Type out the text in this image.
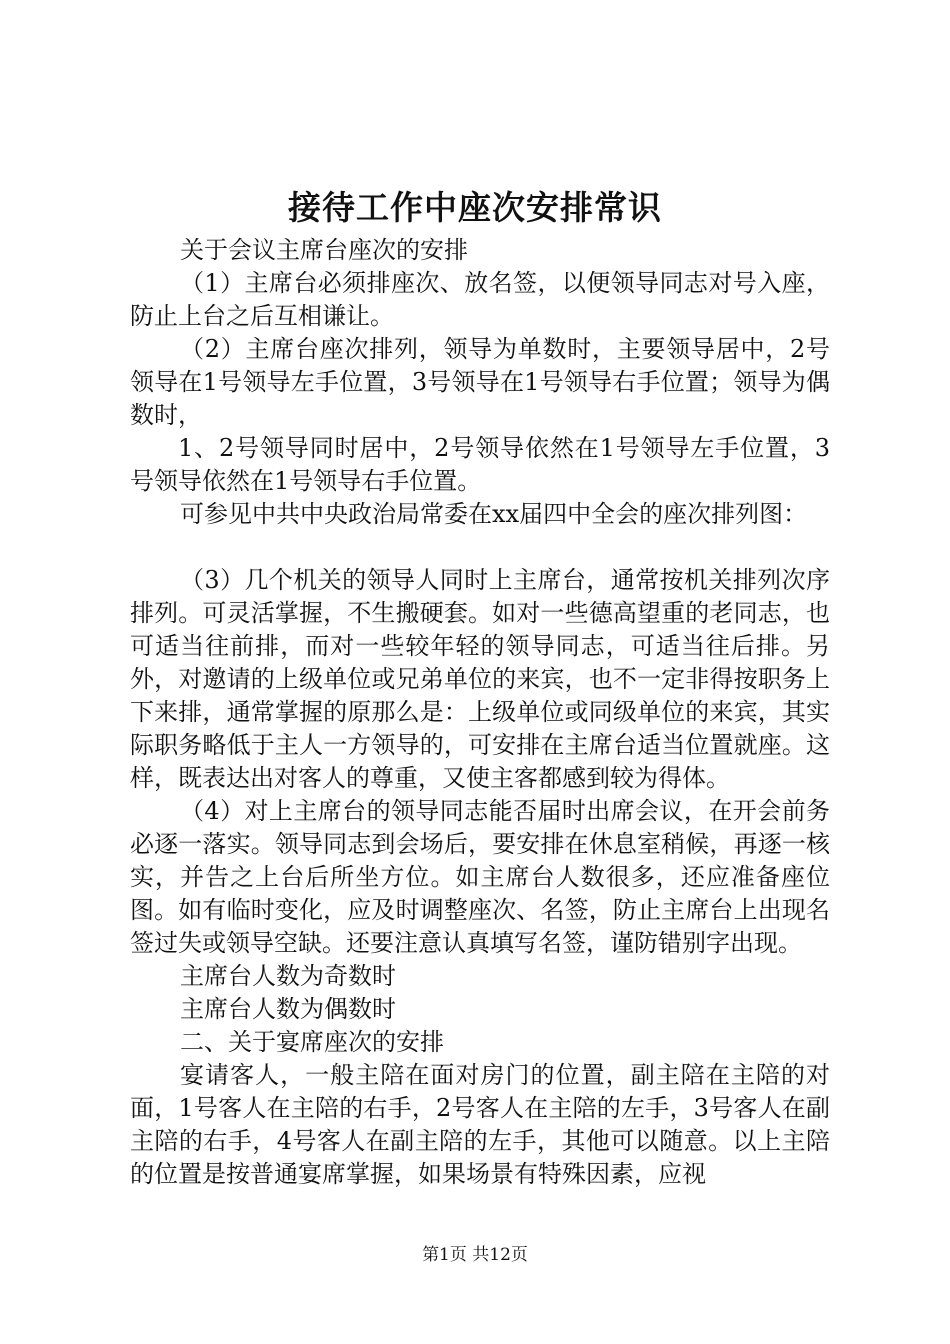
接待工作中座次安排常识

关于会议主席台座次的安排

（1）主席台必须排座次、放名签，以便领导同志对号入座，防止上台之后互相谦让。

（2）主席台座次排列，领导为单数时，主要领导居中，2号领导在1号领导左手位置，3号领导在1号领导右手位置；领导为偶数时，

1、2号领导同时居中，2号领导依然在1号领导左手位置，3号领导依然在1号领导右手位置。

可参见中共中央政治局常委在xx届四中全会的座次排列图：

（3）几个机关的领导人同时上主席台，通常按机关排列次序排列。可灵活掌握，不生搬硬套。如对一些德高望重的老同志，也可适当往前排，而对一些较年轻的领导同志，可适当往后排。另外，对邀请的上级单位或兄弟单位的来宾，也不一定非得按职务上下来排，通常掌握的原那么是：上级单位或同级单位的来宾，其实际职务略低于主人一方领导的，可安排在主席台适当位置就座。这样，既表达出对客人的尊重，又使主客都感到较为得体。

（4）对上主席台的领导同志能否届时出席会议，在开会前务必逐一落实。领导同志到会场后，要安排在休息室稍候，再逐一核实，并告之上台后所坐方位。如主席台人数很多，还应准备座位图。如有临时变化，应及时调整座次、名签，防止主席台上出现名签过失或领导空缺。还要注意认真填写名签，谨防错别字出现。

主席台人数为奇数时

主席台人数为偶数时

二、关于宴席座次的安排

宴请客人，一般主陪在面对房门的位置，副主陪在主陪的对面，1号客人在主陪的右手，2号客人在主陪的左手，3号客人在副主陪的右手，4号客人在副主陪的左手，其他可以随意。以上主陪的位置是按普通宴席掌握，如果场景有特殊因素，应视

第1页 共12页
